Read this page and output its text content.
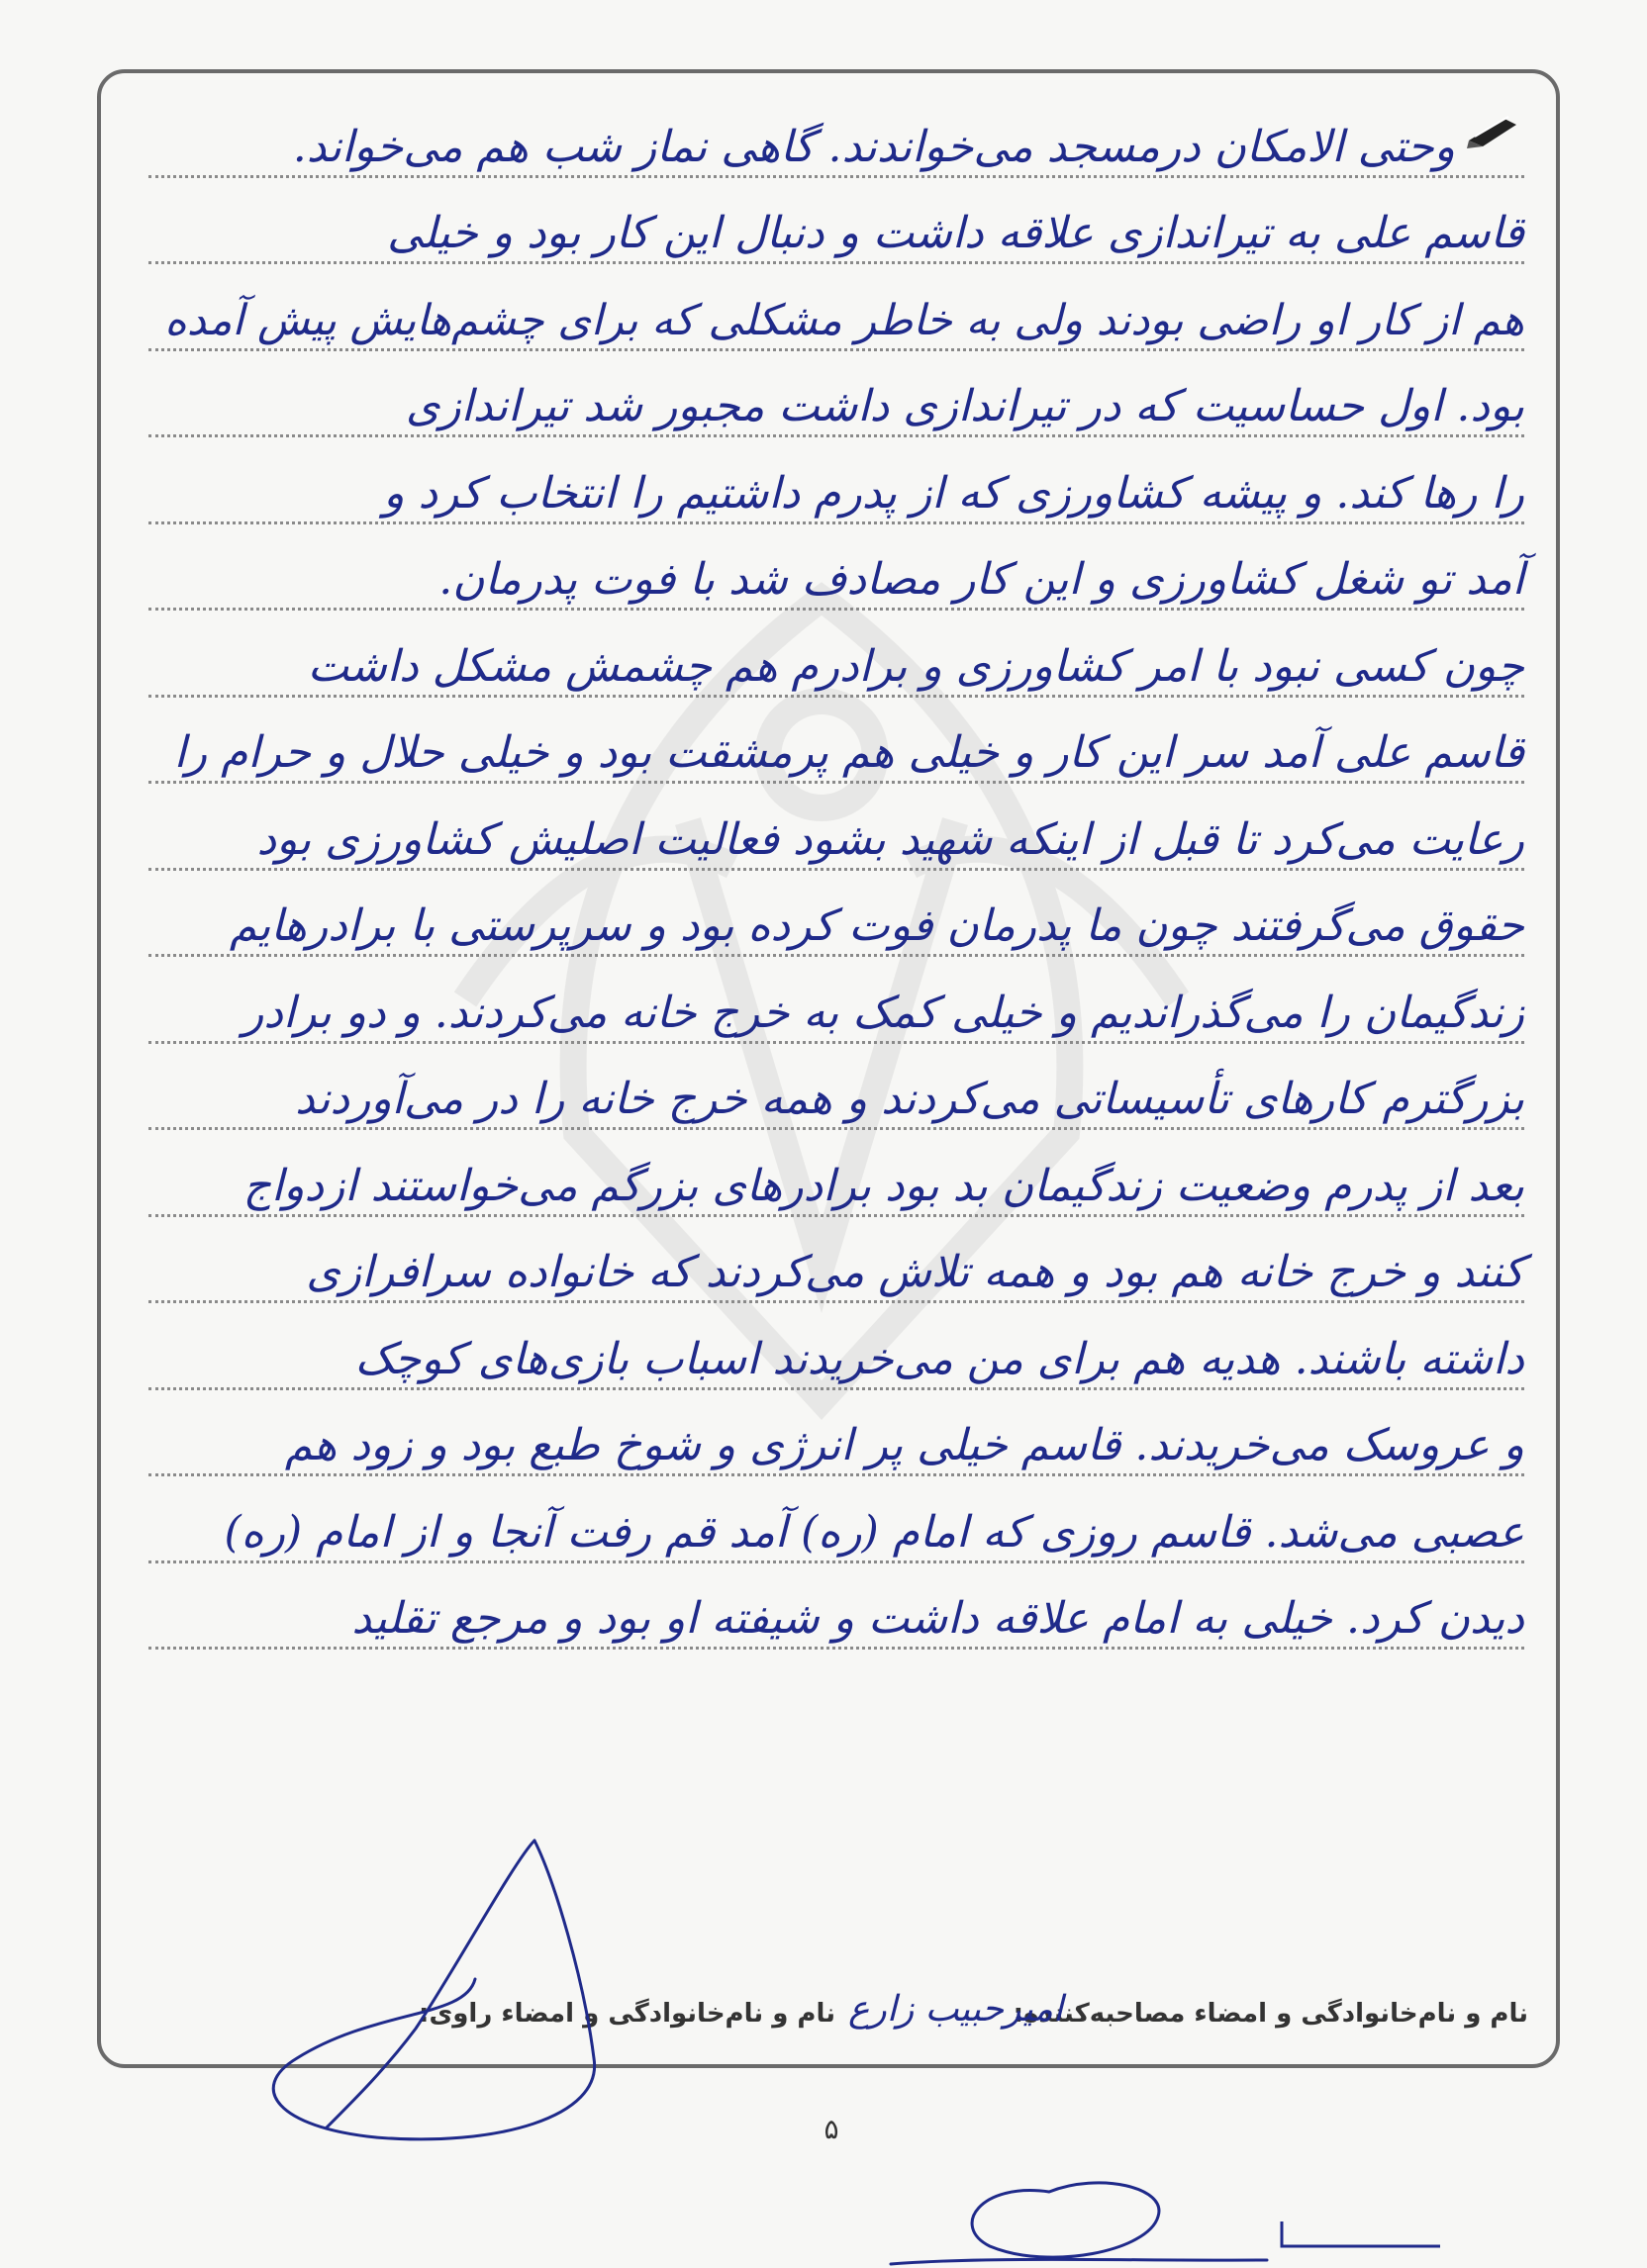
وحتی الامکان درمسجد می‌خواندند. گاهی نماز شب هم می‌خواند.
قاسم علی به تیراندازی علاقه داشت و دنبال این کار بود و خیلی
هم از کار او راضی بودند ولی به خاطر مشکلی که برای چشم‌هایش پیش آمده
بود. اول حساسیت که در تیراندازی داشت مجبور شد تیراندازی
را رها کند. و پیشه کشاورزی که از پدرم داشتیم را انتخاب کرد و
آمد تو شغل کشاورزی و این کار مصادف شد با فوت پدرمان.
چون کسی نبود با امر کشاورزی و برادرم هم چشمش مشکل داشت
قاسم علی آمد سر این کار و خیلی هم پرمشقت بود و خیلی حلال و حرام را
رعایت می‌کرد تا قبل از اینکه شهید بشود فعالیت اصلیش کشاورزی بود
حقوق می‌گرفتند چون ما پدرمان فوت کرده بود و سرپرستی با برادرهایم
زندگیمان را می‌گذراندیم و خیلی کمک به خرج خانه می‌کردند. و دو برادر
بزرگترم کارهای تأسیساتی می‌کردند و همه خرج خانه را در می‌آوردند
بعد از پدرم وضعیت زندگیمان بد بود برادرهای بزرگم می‌خواستند ازدواج
کنند و خرج خانه هم بود و همه تلاش می‌کردند که خانواده سرافرازی
داشته باشند. هدیه هم برای من می‌خریدند اسباب بازی‌های کوچک
و عروسک می‌خریدند. قاسم خیلی پر انرژی و شوخ طبع بود و زود هم
عصبی می‌شد. قاسم روزی که امام (ره) آمد قم رفت آنجا و از امام (ره)
دیدن کرد. خیلی به امام علاقه داشت و شیفته او بود و مرجع تقلید
نام و نام‌خانوادگی و امضاء مصاحبه‌کننده:
امیرحبیب زارع
نام و نام‌خانوادگی و امضاء راوی:
۵
